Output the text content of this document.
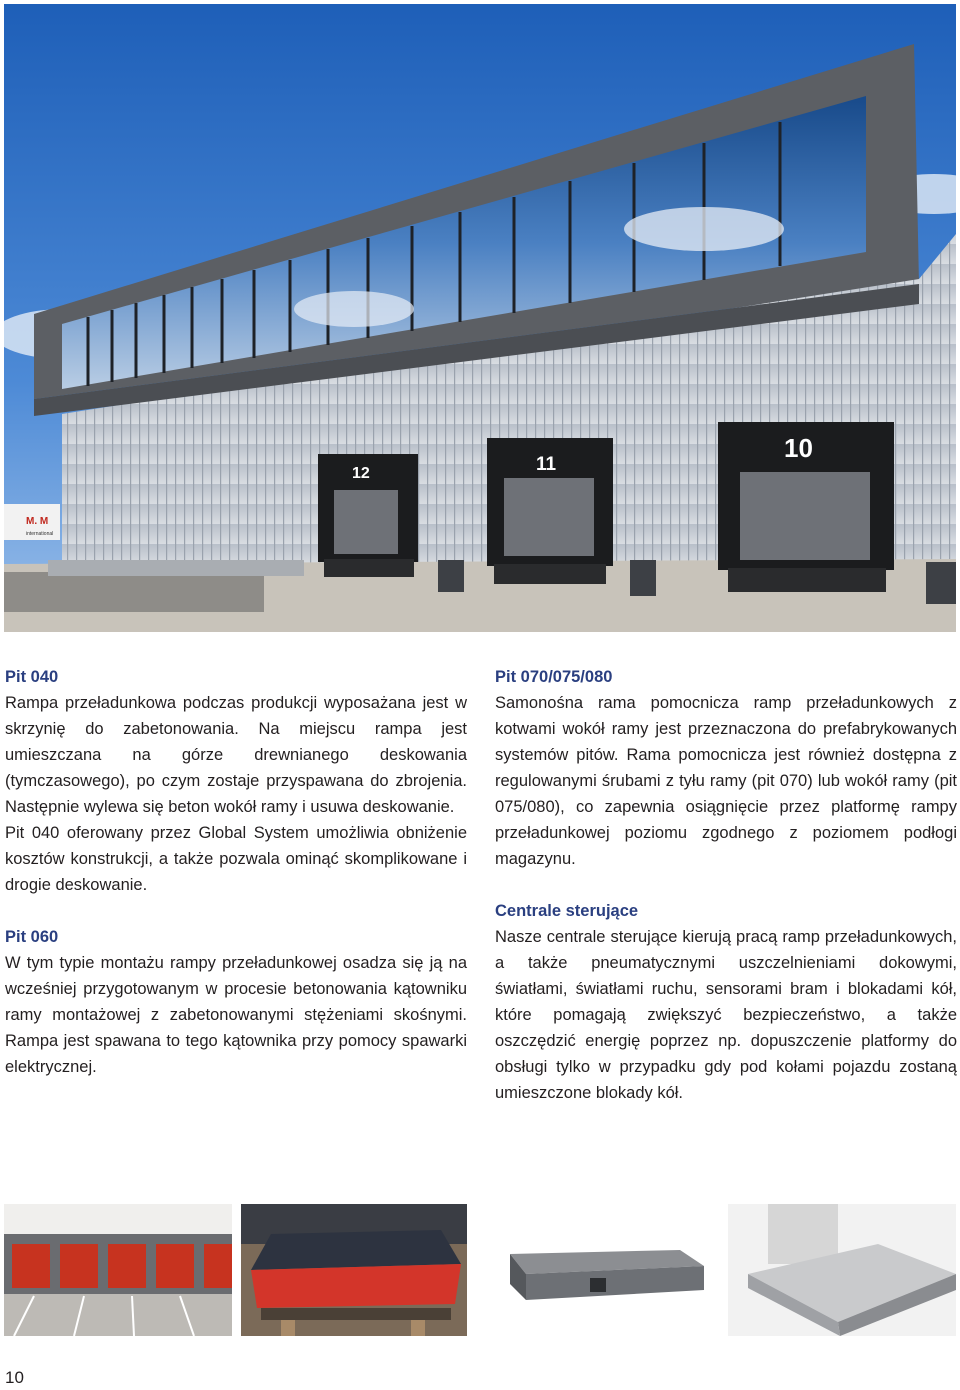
M. M
international
12	11
10
Pit 040

Rampa przeładunkowa podczas produkcji wyposażana jest w skrzynię do zabetonowania. Na miejscu rampa jest umieszczana na górze drewnianego deskowania (tymczasowego), po czym zostaje przyspawana do zbrojenia. Następnie wylewa się beton wokół ramy i usuwa deskowanie.

Pit 040 oferowany przez Global System umożliwia obniżenie kosztów konstrukcji, a także pozwala ominąć skomplikowane i drogie deskowanie.

Pit 060

W tym typie montażu rampy przeładunkowej osadza się ją na wcześniej przygotowanym w procesie betonowania kątowniku ramy montażowej z zabetonowanymi stężeniami skośnymi. Rampa jest spawana to tego kątownika przy pomocy spawarki elektrycznej.

Pit 070/075/080

Samonośna rama pomocnicza ramp przeładunkowych z kotwami wokół ramy jest przeznaczona do prefabrykowanych systemów pitów. Rama pomocnicza jest również dostępna z regulowanymi śrubami z tyłu ramy (pit 070) lub wokół ramy (pit 075/080), co zapewnia osiągnięcie przez platformę rampy przeładunkowej poziomu zgodnego z poziomem podłogi magazynu.

Centrale sterujące

Nasze centrale sterujące kierują pracą ramp przeładunkowych, a także pneumatycznymi uszczelnieniami dokowymi, światłami, światłami ruchu, sensorami bram i blokadami kół, które pomagają zwiększyć bezpieczeństwo, a także oszczędzić energię poprzez np. dopuszczenie platformy do obsługi tylko w przypadku gdy pod kołami pojazdu zostaną umieszczone blokady kół.

10
